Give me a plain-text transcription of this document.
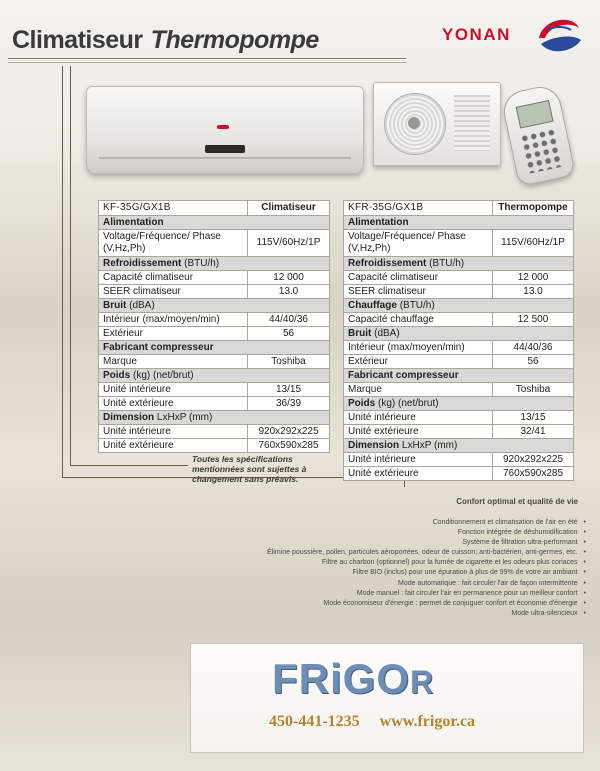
Climatiseur Thermopompe	YONAN
KF-35G/GX1B	Climatiseur
Alimentation	
Voltage/Fréquence/ Phase (V,Hz,Ph)	115V/60Hz/1P
Refroidissement (BTU/h)	
Capacité climatiseur	12 000
SEER climatiseur	13.0
Bruit (dBA)	
Intérieur (max/moyen/min)	44/40/36
Extérieur	56
Fabricant compresseur	
Marque	Toshiba
Poids (kg) (net/brut)	
Unité intérieure	13/15
Unité extérieure	36/39
Dimension LxHxP (mm)	
Unité intérieure	920x292x225
Unité extérieure	760x590x285
KFR-35G/GX1B	Thermopompe
Alimentation	
Voltage/Fréquence/ Phase (V,Hz,Ph)	115V/60Hz/1P
Refroidissement (BTU/h)	
Capacité climatiseur	12 000
SEER climatiseur	13.0
Chauffage (BTU/h)	
Capacité chauffage	12 500
Bruit (dBA)	
Intérieur (max/moyen/min)	44/40/36
Extérieur	56
Fabricant compresseur	
Marque	Toshiba
Poids (kg) (net/brut)	
Unité intérieure	13/15
Unité extérieure	32/41
Dimension LxHxP (mm)	
Unité intérieure	920x292x225
Unité extérieure	760x590x285
Toutes les spécifications mentionnées sont sujettes à changement sans préavis.
Confort optimal et qualité de vie
Conditionnement et climatisation de l'air en été •
Fonction intégrée de déshumidification •
Système de filtration ultra-performant •
Élimine poussière, pollen, particules aéroportées, odeur de cuisson; anti-bactérien, anti-germes, etc. •
Filtre au charbon (optionnel) pour la fumée de cigarette et les odeurs plus coriaces •
Filtre BIO (inclus) pour une épuration à plus de 99% de votre air ambiant •
Mode automatique : fait circuler l'air de façon intermittente •
Mode manuel : fait circuler l'air en permanence pour un meilleur confort •
Mode économiseur d'énergie : permet de conjuguer confort et économie d'énergie •
Mode ultra-silencieux •
FRiGOR
450-441-1235 www.frigor.ca
